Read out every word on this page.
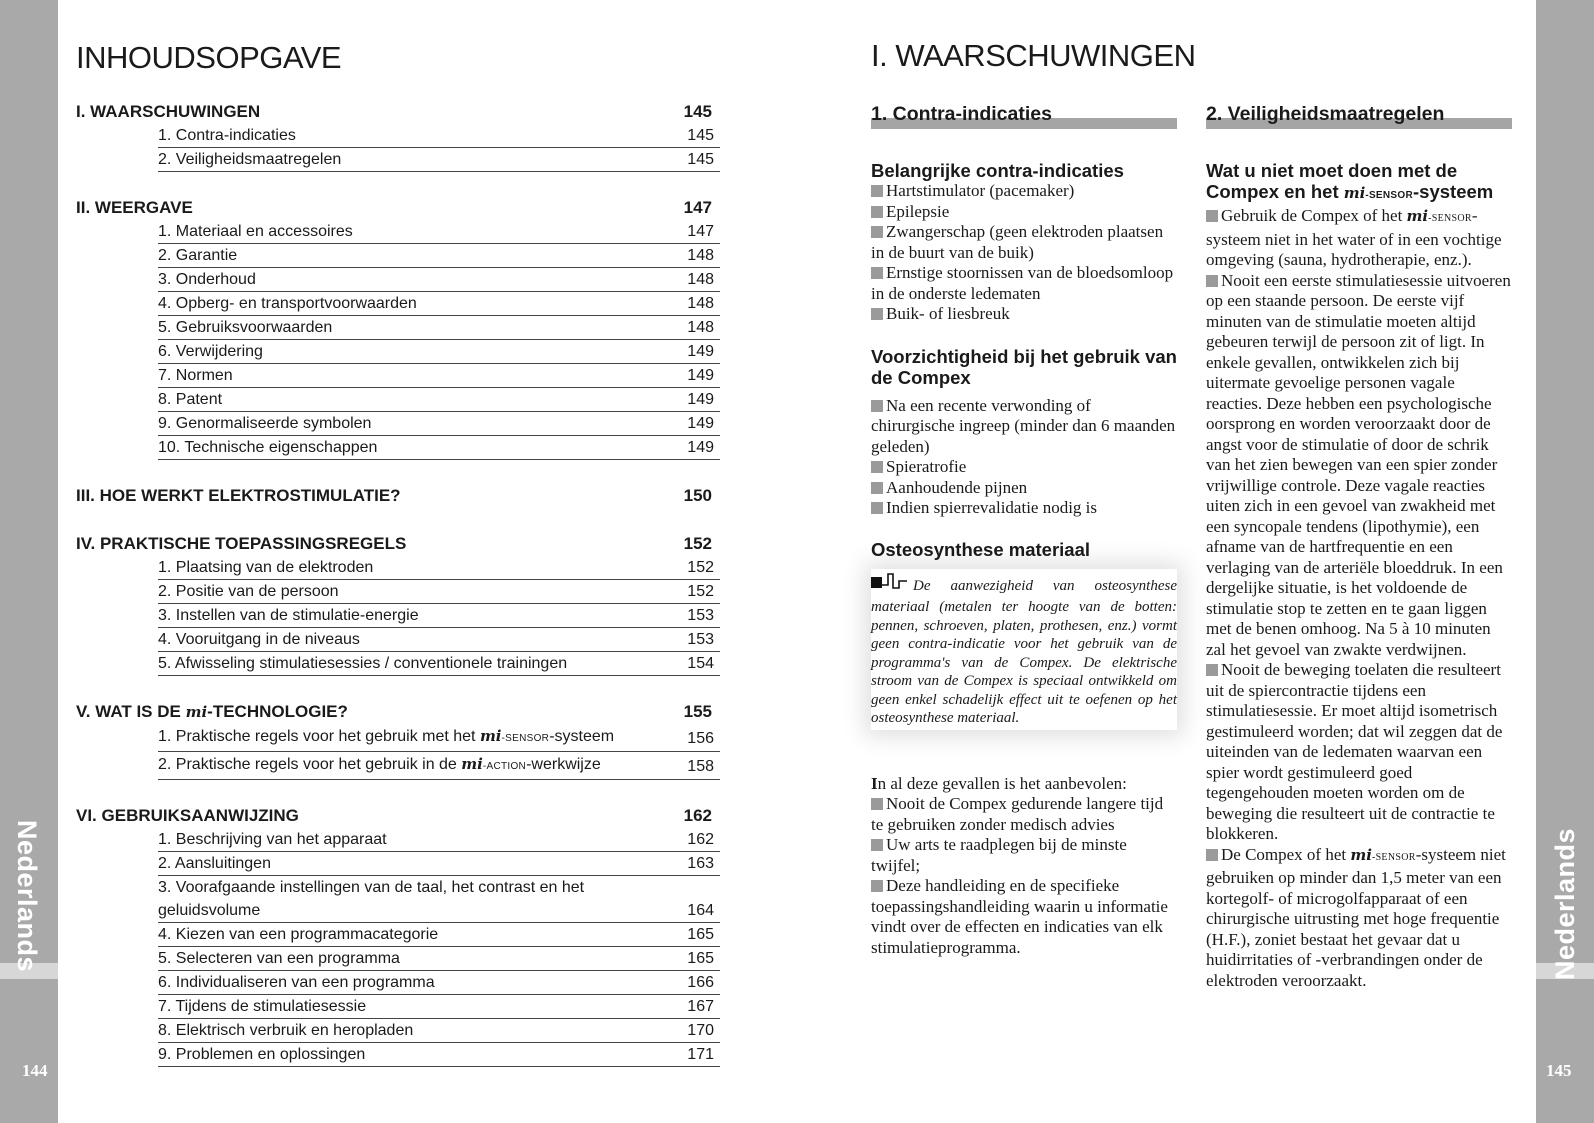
Nederlands
144
Nederlands
145
INHOUDSOPGAVE
I. WAARSCHUWINGEN	145
1. Contra-indicaties	145
2. Veiligheidsmaatregelen	145
II. WEERGAVE	147
1. Materiaal en accessoires	147
2. Garantie	148
3. Onderhoud	148
4. Opberg- en transportvoorwaarden	148
5. Gebruiksvoorwaarden	148
6. Verwijdering	149
7. Normen	149
8. Patent	149
9. Genormaliseerde symbolen	149
10. Technische eigenschappen	149
III. HOE WERKT ELEKTROSTIMULATIE?	150
IV. PRAKTISCHE TOEPASSINGSREGELS	152
1. Plaatsing van de elektroden	152
2. Positie van de persoon	152
3. Instellen van de stimulatie-energie	153
4. Vooruitgang in de niveaus	153
5. Afwisseling stimulatiesessies / conventionele trainingen	154
V. WAT IS DE mi-TECHNOLOGIE?	155
1. Praktische regels voor het gebruik met het mi-SENSOR-systeem	156
2. Praktische regels voor het gebruik in de mi-ACTION-werkwijze	158
VI. GEBRUIKSAANWIJZING	162
1. Beschrijving van het apparaat	162
2. Aansluitingen	163
3. Voorafgaande instellingen van de taal, het contrast en het
geluidsvolume	164
4. Kiezen van een programmacategorie	165
5. Selecteren van een programma	165
6. Individualiseren van een programma	166
7. Tijdens de stimulatiesessie	167
8. Elektrisch verbruik en heropladen	170
9. Problemen en oplossingen	171
I. WAARSCHUWINGEN
1. Contra-indicaties
Belangrijke contra-indicaties
Hartstimulator (pacemaker)
Epilepsie
Zwangerschap (geen elektroden plaatsen in de buurt van de buik)
Ernstige stoornissen van de bloedsomloop in de onderste ledematen
Buik- of liesbreuk
Voorzichtigheid bij het gebruik van de Compex
Na een recente verwonding of chirurgische ingreep (minder dan 6 maanden geleden)
Spieratrofie
Aanhoudende pijnen
Indien spierrevalidatie nodig is
Osteosynthese materiaal
De aanwezigheid van osteosynthese materiaal (metalen ter hoogte van de botten: pennen, schroeven, platen, prothesen, enz.) vormt geen contra-indicatie voor het gebruik van de programma's van de Compex. De elektrische stroom van de Compex is speciaal ontwikkeld om geen enkel schadelijk effect uit te oefenen op het osteosynthese materiaal.
In al deze gevallen is het aanbevolen:
Nooit de Compex gedurende langere tijd te gebruiken zonder medisch advies
Uw arts te raadplegen bij de minste twijfel;
Deze handleiding en de specifieke toepassingshandleiding waarin u informatie vindt over de effecten en indicaties van elk stimulatieprogramma.
2. Veiligheidsmaatregelen
Wat u niet moet doen met de Compex en het mi-SENSOR-systeem
Gebruik de Compex of het mi-SENSOR-systeem niet in het water of in een vochtige omgeving (sauna, hydrotherapie, enz.).
Nooit een eerste stimulatiesessie uitvoeren op een staande persoon. De eerste vijf minuten van de stimulatie moeten altijd gebeuren terwijl de persoon zit of ligt. In enkele gevallen, ontwikkelen zich bij uitermate gevoelige personen vagale reacties. Deze hebben een psychologische oorsprong en worden veroorzaakt door de angst voor de stimulatie of door de schrik van het zien bewegen van een spier zonder vrijwillige controle. Deze vagale reacties uiten zich in een gevoel van zwakheid met een syncopale tendens (lipothymie), een afname van de hartfrequentie en een verlaging van de arteriële bloeddruk. In een dergelijke situatie, is het voldoende de stimulatie stop te zetten en te gaan liggen met de benen omhoog. Na 5 à 10 minuten zal het gevoel van zwakte verdwijnen.
Nooit de beweging toelaten die resulteert uit de spiercontractie tijdens een stimulatiesessie. Er moet altijd isometrisch gestimuleerd worden; dat wil zeggen dat de uiteinden van de ledematen waarvan een spier wordt gestimuleerd goed tegengehouden moeten worden om de beweging die resulteert uit de contractie te blokkeren.
De Compex of het mi-SENSOR-systeem niet gebruiken op minder dan 1,5 meter van een kortegolf- of microgolfapparaat of een chirurgische uitrusting met hoge frequentie (H.F.), zoniet bestaat het gevaar dat u huidirritaties of -verbrandingen onder de elektroden veroorzaakt.
